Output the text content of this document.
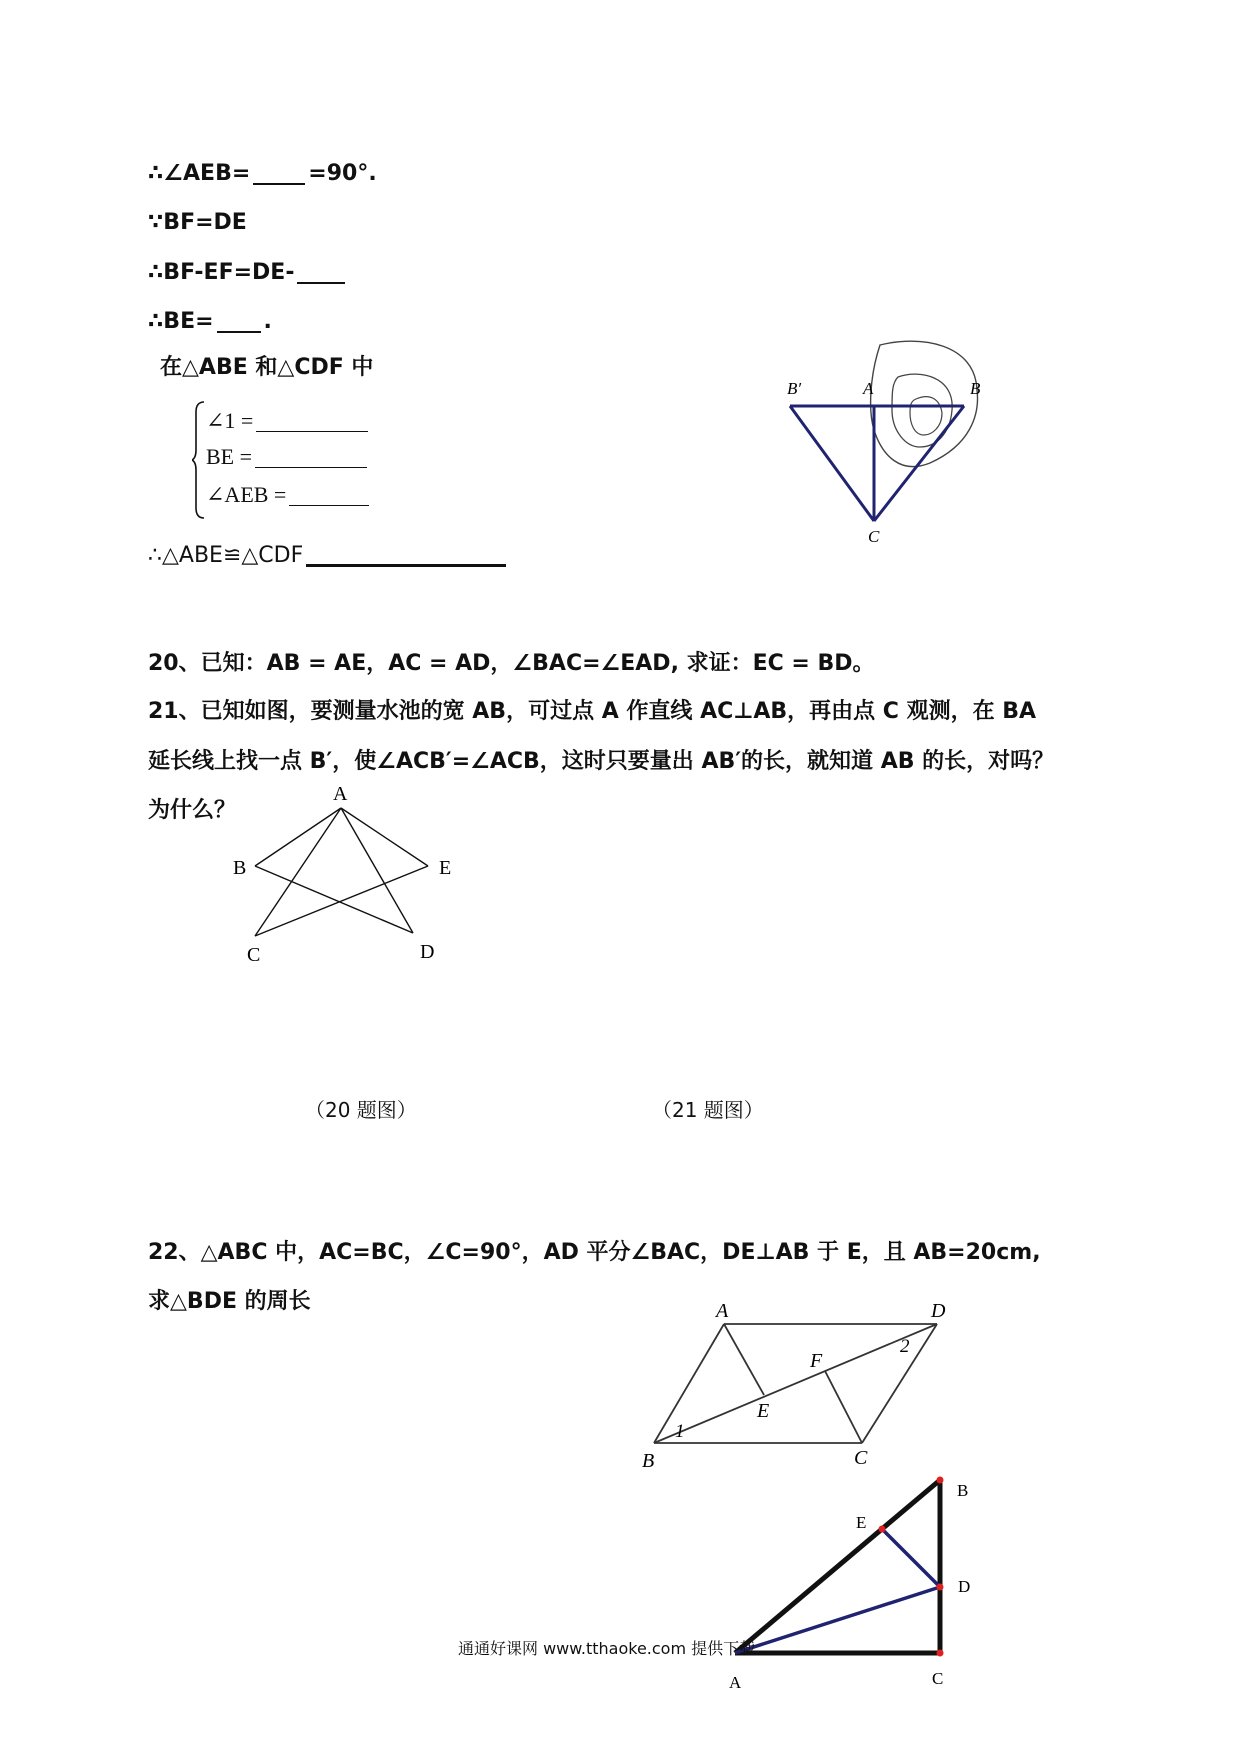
∴∠AEB=	=90°.
∵BF=DE
∴BF-EF=DE-
∴BE= .
在△ABE 和△CDF 中
∠1 =
BE =
∠AEB =
∴△ABE≌△CDF
B′	A	B
C
20、已知：AB = AE，AC = AD，∠BAC=∠EAD, 求证：EC = BD。
21、已知如图，要测量水池的宽 AB，可过点 A 作直线 AC⊥AB，再由点 C 观测，在 BA
延长线上找一点 B′，使∠ACB′=∠ACB，这时只要量出 AB′的长，就知道 AB 的长，对吗？
为什么？
A
B	E
C	D
（20 题图）	（21 题图）
22、△ABC 中，AC=BC，∠C=90°，AD 平分∠BAC，DE⊥AB 于 E，且 AB=20cm,
求△BDE 的周长	A	D
F
2
E
1
B	C
B
E
D
A	C
通通好课网 www.tthaoke.com 提供下载
